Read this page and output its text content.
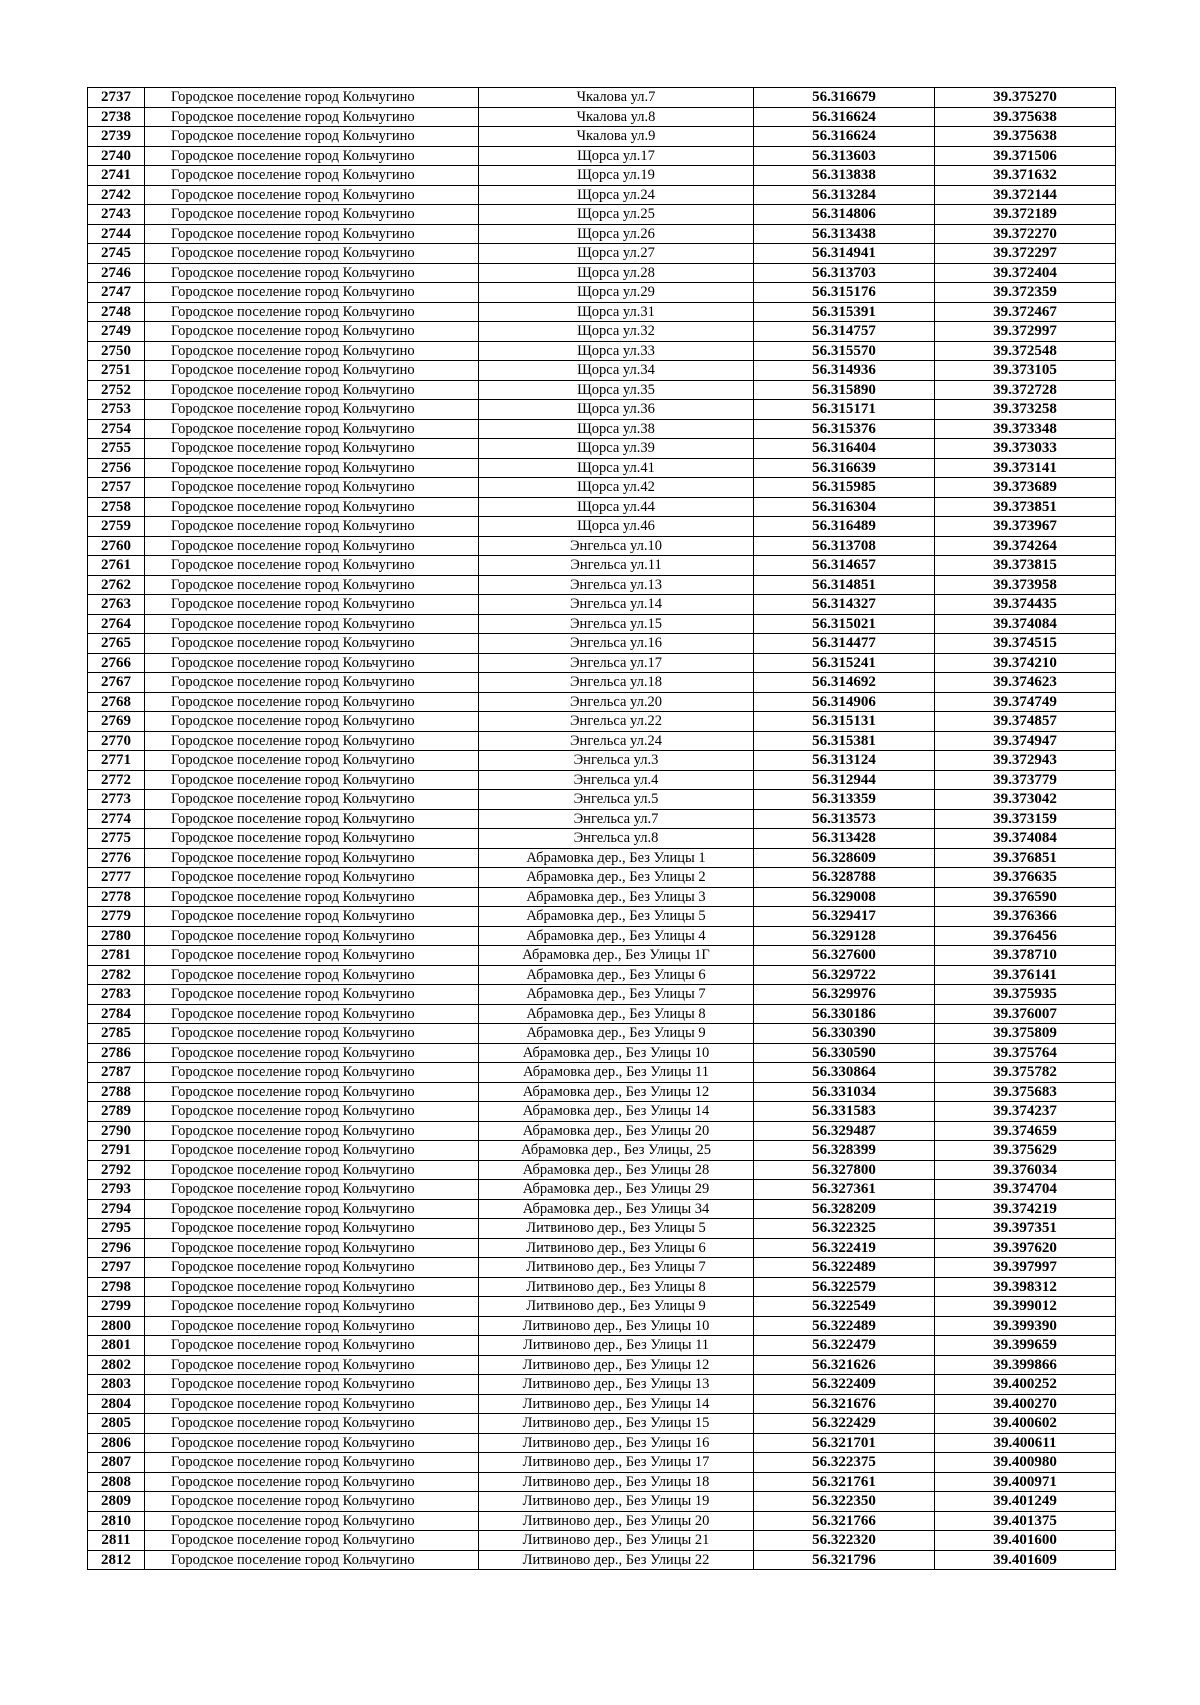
2737	Городское поселение город Кольчугино	Чкалова ул.7	56.316679	39.375270
2738	Городское поселение город Кольчугино	Чкалова ул.8	56.316624	39.375638
2739	Городское поселение город Кольчугино	Чкалова ул.9	56.316624	39.375638
2740	Городское поселение город Кольчугино	Щорса ул.17	56.313603	39.371506
2741	Городское поселение город Кольчугино	Щорса ул.19	56.313838	39.371632
2742	Городское поселение город Кольчугино	Щорса ул.24	56.313284	39.372144
2743	Городское поселение город Кольчугино	Щорса ул.25	56.314806	39.372189
2744	Городское поселение город Кольчугино	Щорса ул.26	56.313438	39.372270
2745	Городское поселение город Кольчугино	Щорса ул.27	56.314941	39.372297
2746	Городское поселение город Кольчугино	Щорса ул.28	56.313703	39.372404
2747	Городское поселение город Кольчугино	Щорса ул.29	56.315176	39.372359
2748	Городское поселение город Кольчугино	Щорса ул.31	56.315391	39.372467
2749	Городское поселение город Кольчугино	Щорса ул.32	56.314757	39.372997
2750	Городское поселение город Кольчугино	Щорса ул.33	56.315570	39.372548
2751	Городское поселение город Кольчугино	Щорса ул.34	56.314936	39.373105
2752	Городское поселение город Кольчугино	Щорса ул.35	56.315890	39.372728
2753	Городское поселение город Кольчугино	Щорса ул.36	56.315171	39.373258
2754	Городское поселение город Кольчугино	Щорса ул.38	56.315376	39.373348
2755	Городское поселение город Кольчугино	Щорса ул.39	56.316404	39.373033
2756	Городское поселение город Кольчугино	Щорса ул.41	56.316639	39.373141
2757	Городское поселение город Кольчугино	Щорса ул.42	56.315985	39.373689
2758	Городское поселение город Кольчугино	Щорса ул.44	56.316304	39.373851
2759	Городское поселение город Кольчугино	Щорса ул.46	56.316489	39.373967
2760	Городское поселение город Кольчугино	Энгельса ул.10	56.313708	39.374264
2761	Городское поселение город Кольчугино	Энгельса ул.11	56.314657	39.373815
2762	Городское поселение город Кольчугино	Энгельса ул.13	56.314851	39.373958
2763	Городское поселение город Кольчугино	Энгельса ул.14	56.314327	39.374435
2764	Городское поселение город Кольчугино	Энгельса ул.15	56.315021	39.374084
2765	Городское поселение город Кольчугино	Энгельса ул.16	56.314477	39.374515
2766	Городское поселение город Кольчугино	Энгельса ул.17	56.315241	39.374210
2767	Городское поселение город Кольчугино	Энгельса ул.18	56.314692	39.374623
2768	Городское поселение город Кольчугино	Энгельса ул.20	56.314906	39.374749
2769	Городское поселение город Кольчугино	Энгельса ул.22	56.315131	39.374857
2770	Городское поселение город Кольчугино	Энгельса ул.24	56.315381	39.374947
2771	Городское поселение город Кольчугино	Энгельса ул.3	56.313124	39.372943
2772	Городское поселение город Кольчугино	Энгельса ул.4	56.312944	39.373779
2773	Городское поселение город Кольчугино	Энгельса ул.5	56.313359	39.373042
2774	Городское поселение город Кольчугино	Энгельса ул.7	56.313573	39.373159
2775	Городское поселение город Кольчугино	Энгельса ул.8	56.313428	39.374084
2776	Городское поселение город Кольчугино	Абрамовка дер., Без Улицы 1	56.328609	39.376851
2777	Городское поселение город Кольчугино	Абрамовка дер., Без Улицы 2	56.328788	39.376635
2778	Городское поселение город Кольчугино	Абрамовка дер., Без Улицы 3	56.329008	39.376590
2779	Городское поселение город Кольчугино	Абрамовка дер., Без Улицы 5	56.329417	39.376366
2780	Городское поселение город Кольчугино	Абрамовка дер., Без Улицы 4	56.329128	39.376456
2781	Городское поселение город Кольчугино	Абрамовка дер., Без Улицы 1Г	56.327600	39.378710
2782	Городское поселение город Кольчугино	Абрамовка дер., Без Улицы 6	56.329722	39.376141
2783	Городское поселение город Кольчугино	Абрамовка дер., Без Улицы 7	56.329976	39.375935
2784	Городское поселение город Кольчугино	Абрамовка дер., Без Улицы 8	56.330186	39.376007
2785	Городское поселение город Кольчугино	Абрамовка дер., Без Улицы 9	56.330390	39.375809
2786	Городское поселение город Кольчугино	Абрамовка дер., Без Улицы 10	56.330590	39.375764
2787	Городское поселение город Кольчугино	Абрамовка дер., Без Улицы 11	56.330864	39.375782
2788	Городское поселение город Кольчугино	Абрамовка дер., Без Улицы 12	56.331034	39.375683
2789	Городское поселение город Кольчугино	Абрамовка дер., Без Улицы 14	56.331583	39.374237
2790	Городское поселение город Кольчугино	Абрамовка дер., Без Улицы 20	56.329487	39.374659
2791	Городское поселение город Кольчугино	Абрамовка дер., Без Улицы, 25	56.328399	39.375629
2792	Городское поселение город Кольчугино	Абрамовка дер., Без Улицы 28	56.327800	39.376034
2793	Городское поселение город Кольчугино	Абрамовка дер., Без Улицы 29	56.327361	39.374704
2794	Городское поселение город Кольчугино	Абрамовка дер., Без Улицы 34	56.328209	39.374219
2795	Городское поселение город Кольчугино	Литвиново дер., Без Улицы 5	56.322325	39.397351
2796	Городское поселение город Кольчугино	Литвиново дер., Без Улицы 6	56.322419	39.397620
2797	Городское поселение город Кольчугино	Литвиново дер., Без Улицы 7	56.322489	39.397997
2798	Городское поселение город Кольчугино	Литвиново дер., Без Улицы 8	56.322579	39.398312
2799	Городское поселение город Кольчугино	Литвиново дер., Без Улицы 9	56.322549	39.399012
2800	Городское поселение город Кольчугино	Литвиново дер., Без Улицы 10	56.322489	39.399390
2801	Городское поселение город Кольчугино	Литвиново дер., Без Улицы 11	56.322479	39.399659
2802	Городское поселение город Кольчугино	Литвиново дер., Без Улицы 12	56.321626	39.399866
2803	Городское поселение город Кольчугино	Литвиново дер., Без Улицы 13	56.322409	39.400252
2804	Городское поселение город Кольчугино	Литвиново дер., Без Улицы 14	56.321676	39.400270
2805	Городское поселение город Кольчугино	Литвиново дер., Без Улицы 15	56.322429	39.400602
2806	Городское поселение город Кольчугино	Литвиново дер., Без Улицы 16	56.321701	39.400611
2807	Городское поселение город Кольчугино	Литвиново дер., Без Улицы 17	56.322375	39.400980
2808	Городское поселение город Кольчугино	Литвиново дер., Без Улицы 18	56.321761	39.400971
2809	Городское поселение город Кольчугино	Литвиново дер., Без Улицы 19	56.322350	39.401249
2810	Городское поселение город Кольчугино	Литвиново дер., Без Улицы 20	56.321766	39.401375
2811	Городское поселение город Кольчугино	Литвиново дер., Без Улицы 21	56.322320	39.401600
2812	Городское поселение город Кольчугино	Литвиново дер., Без Улицы 22	56.321796	39.401609
